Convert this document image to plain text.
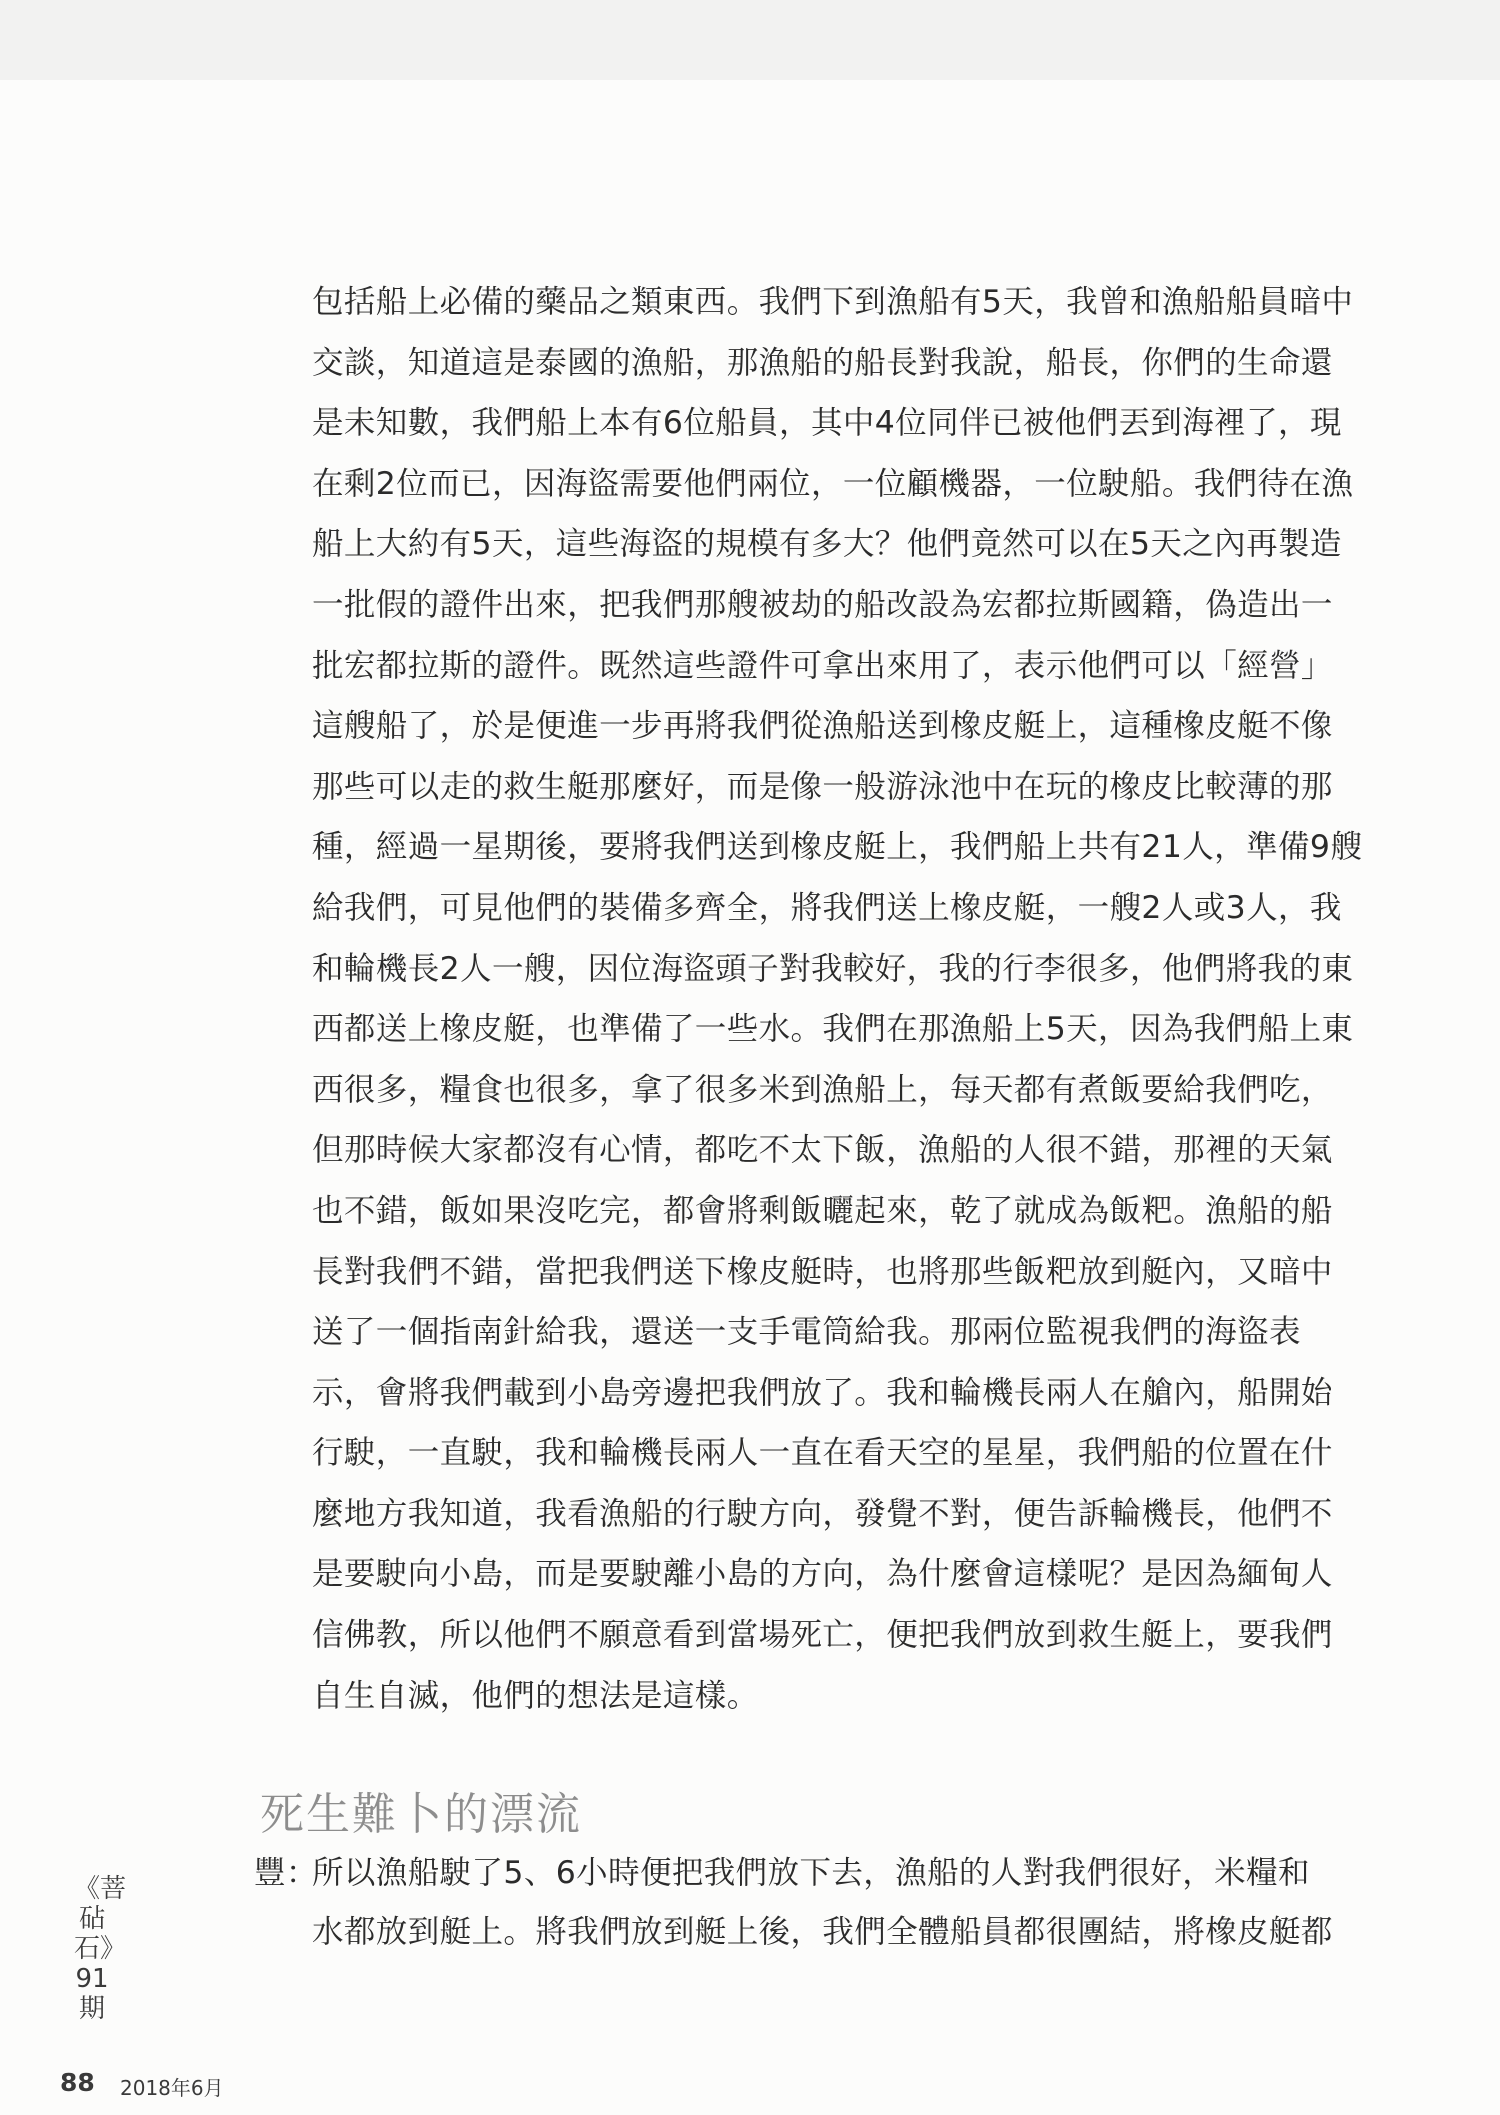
包括船上必備的藥品之類東西。我們下到漁船有5天，我曾和漁船船員暗中
交談，知道這是泰國的漁船，那漁船的船長對我說，船長，你們的生命還
是未知數，我們船上本有6位船員，其中4位同伴已被他們丟到海裡了，現
在剩2位而已，因海盜需要他們兩位，一位顧機器，一位駛船。我們待在漁
船上大約有5天，這些海盜的規模有多大？他們竟然可以在5天之內再製造
一批假的證件出來，把我們那艘被劫的船改設為宏都拉斯國籍，偽造出一
批宏都拉斯的證件。既然這些證件可拿出來用了，表示他們可以「經營」
這艘船了，於是便進一步再將我們從漁船送到橡皮艇上，這種橡皮艇不像
那些可以走的救生艇那麼好，而是像一般游泳池中在玩的橡皮比較薄的那
種，經過一星期後，要將我們送到橡皮艇上，我們船上共有21人，準備9艘
給我們，可見他們的裝備多齊全，將我們送上橡皮艇，一艘2人或3人，我
和輪機長2人一艘，因位海盜頭子對我較好，我的行李很多，他們將我的東
西都送上橡皮艇，也準備了一些水。我們在那漁船上5天，因為我們船上東
西很多，糧食也很多，拿了很多米到漁船上，每天都有煮飯要給我們吃，
但那時候大家都沒有心情，都吃不太下飯，漁船的人很不錯，那裡的天氣
也不錯，飯如果沒吃完，都會將剩飯曬起來，乾了就成為飯粑。漁船的船
長對我們不錯，當把我們送下橡皮艇時，也將那些飯粑放到艇內，又暗中
送了一個指南針給我，還送一支手電筒給我。那兩位監視我們的海盜表
示，會將我們載到小島旁邊把我們放了。我和輪機長兩人在艙內，船開始
行駛，一直駛，我和輪機長兩人一直在看天空的星星，我們船的位置在什
麼地方我知道，我看漁船的行駛方向，發覺不對，便告訴輪機長，他們不
是要駛向小島，而是要駛離小島的方向，為什麼會這樣呢？是因為緬甸人
信佛教，所以他們不願意看到當場死亡，便把我們放到救生艇上，要我們
自生自滅，他們的想法是這樣。
死生難卜的漂流
豐：所以漁船駛了5、6小時便把我們放下去，漁船的人對我們很好，米糧和
水都放到艇上。將我們放到艇上後，我們全體船員都很團結，將橡皮艇都
《菩砧石》91期
88 2018年6月
